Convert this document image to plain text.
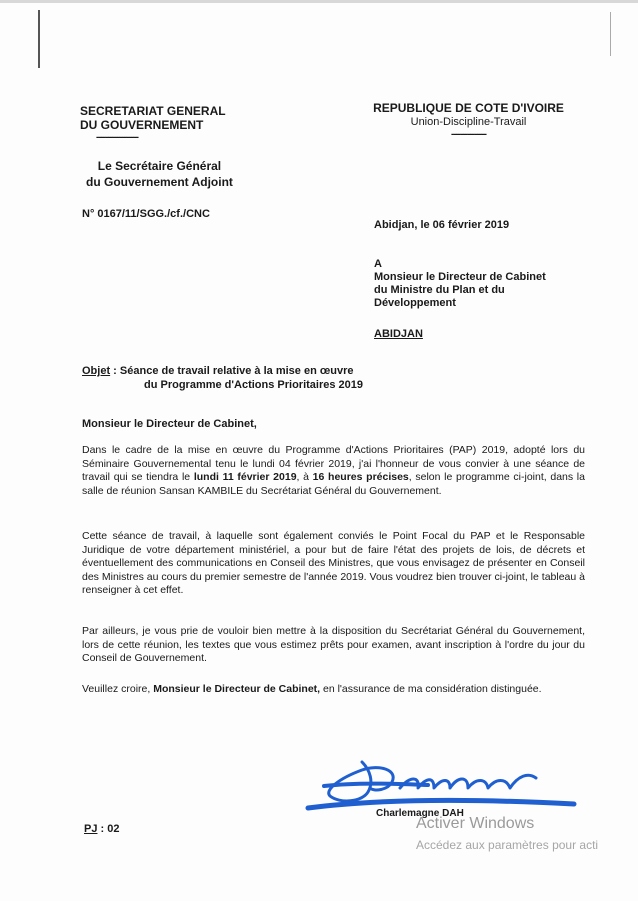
SECRETARIAT GENERAL
DU GOUVERNEMENT
------------------
Le Secrétaire Général
du Gouvernement Adjoint
N° 0167/11/SGG./cf./CNC
REPUBLIQUE DE COTE D'IVOIRE
Union-Discipline-Travail
---------------
Abidjan, le 06 février 2019
A
Monsieur le Directeur de Cabinet
du Ministre du Plan et du
Développement
ABIDJAN
Objet : Séance de travail relative à la mise en œuvre
du Programme d'Actions Prioritaires 2019
Monsieur le Directeur de Cabinet,
Dans le cadre de la mise en œuvre du Programme d'Actions Prioritaires (PAP) 2019, adopté lors du Séminaire Gouvernemental tenu le lundi 04 février 2019, j'ai l'honneur de vous convier à une séance de travail qui se tiendra le lundi 11 février 2019, à 16 heures précises, selon le programme ci-joint, dans la salle de réunion Sansan KAMBILE du Secrétariat Général du Gouvernement.
Cette séance de travail, à laquelle sont également conviés le Point Focal du PAP et le Responsable Juridique de votre département ministériel, a pour but de faire l'état des projets de lois, de décrets et éventuellement des communications en Conseil des Ministres, que vous envisagez de présenter en Conseil des Ministres au cours du premier semestre de l'année 2019. Vous voudrez bien trouver ci-joint, le tableau à renseigner à cet effet.
Par ailleurs, je vous prie de vouloir bien mettre à la disposition du Secrétariat Général du Gouvernement, lors de cette réunion, les textes que vous estimez prêts pour examen, avant inscription à l'ordre du jour du Conseil de Gouvernement.
Veuillez croire, Monsieur le Directeur de Cabinet, en l'assurance de ma considération distinguée.
Charlemagne DAH
PJ : 02	Activer Windows
Accédez aux paramètres pour acti
